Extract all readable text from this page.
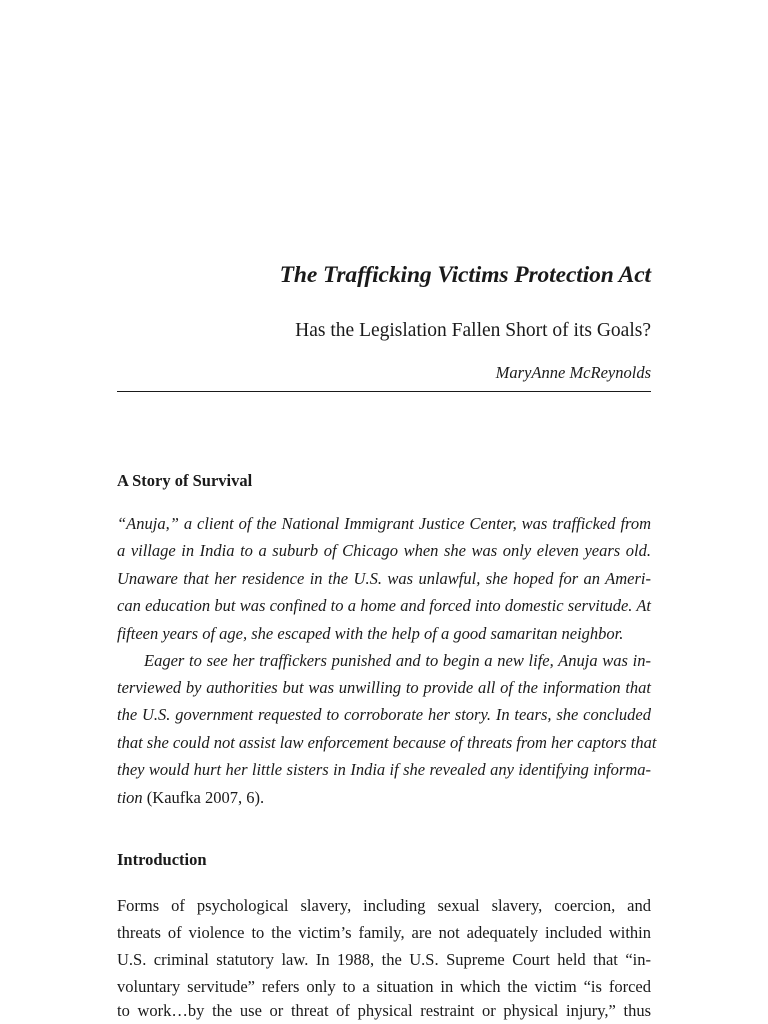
The Trafficking Victims Protection Act

Has the Legislation Fallen Short of its Goals?

MaryAnne McReynolds

A Story of Survival

“Anuja,” a client of the National Immigrant Justice Center, was trafficked from

a village in India to a suburb of Chicago when she was only eleven years old.

Unaware that her residence in the U.S. was unlawful, she hoped for an Ameri-

can education but was confined to a home and forced into domestic servitude. At

fifteen years of age, she escaped with the help of a good samaritan neighbor.

Eager to see her traffickers punished and to begin a new life, Anuja was in-

terviewed by authorities but was unwilling to provide all of the information that

the U.S. government requested to corroborate her story. In tears, she concluded

that she could not assist law enforcement because of threats from her captors that

they would hurt her little sisters in India if she revealed any identifying informa-

tion (Kaufka 2007, 6).

Introduction

Forms of psychological slavery, including sexual slavery, coercion, and

threats of violence to the victim’s family, are not adequately included within

U.S. criminal statutory law. In 1988, the U.S. Supreme Court held that “in-

voluntary servitude” refers only to a situation in which the victim “is forced

to work…by the use or threat of physical restraint or physical injury,” thus
